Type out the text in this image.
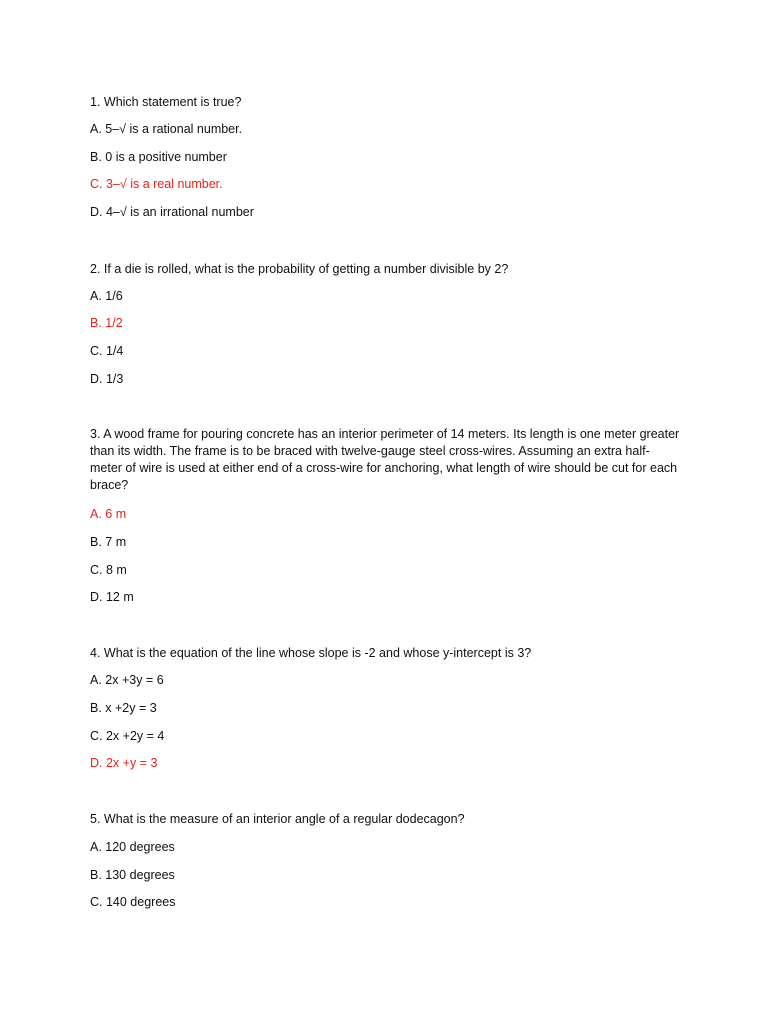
1. Which statement is true?
A. 5–√ is a rational number.
B. 0 is a positive number
C. 3–√ is a real number.
D. 4–√ is an irrational number
2. If a die is rolled, what is the probability of getting a number divisible by 2?
A. 1/6
B. 1/2
C. 1/4
D. 1/3
3. A wood frame for pouring concrete has an interior perimeter of 14 meters. Its length is one meter greater than its width. The frame is to be braced with twelve-gauge steel cross-wires. Assuming an extra half-meter of wire is used at either end of a cross-wire for anchoring, what length of wire should be cut for each brace?
A. 6 m
B. 7 m
C. 8 m
D. 12 m
4. What is the equation of the line whose slope is -2 and whose y-intercept is 3?
A. 2x +3y = 6
B. x +2y = 3
C. 2x +2y = 4
D. 2x +y = 3
5. What is the measure of an interior angle of a regular dodecagon?
A. 120 degrees
B. 130 degrees
C. 140 degrees
